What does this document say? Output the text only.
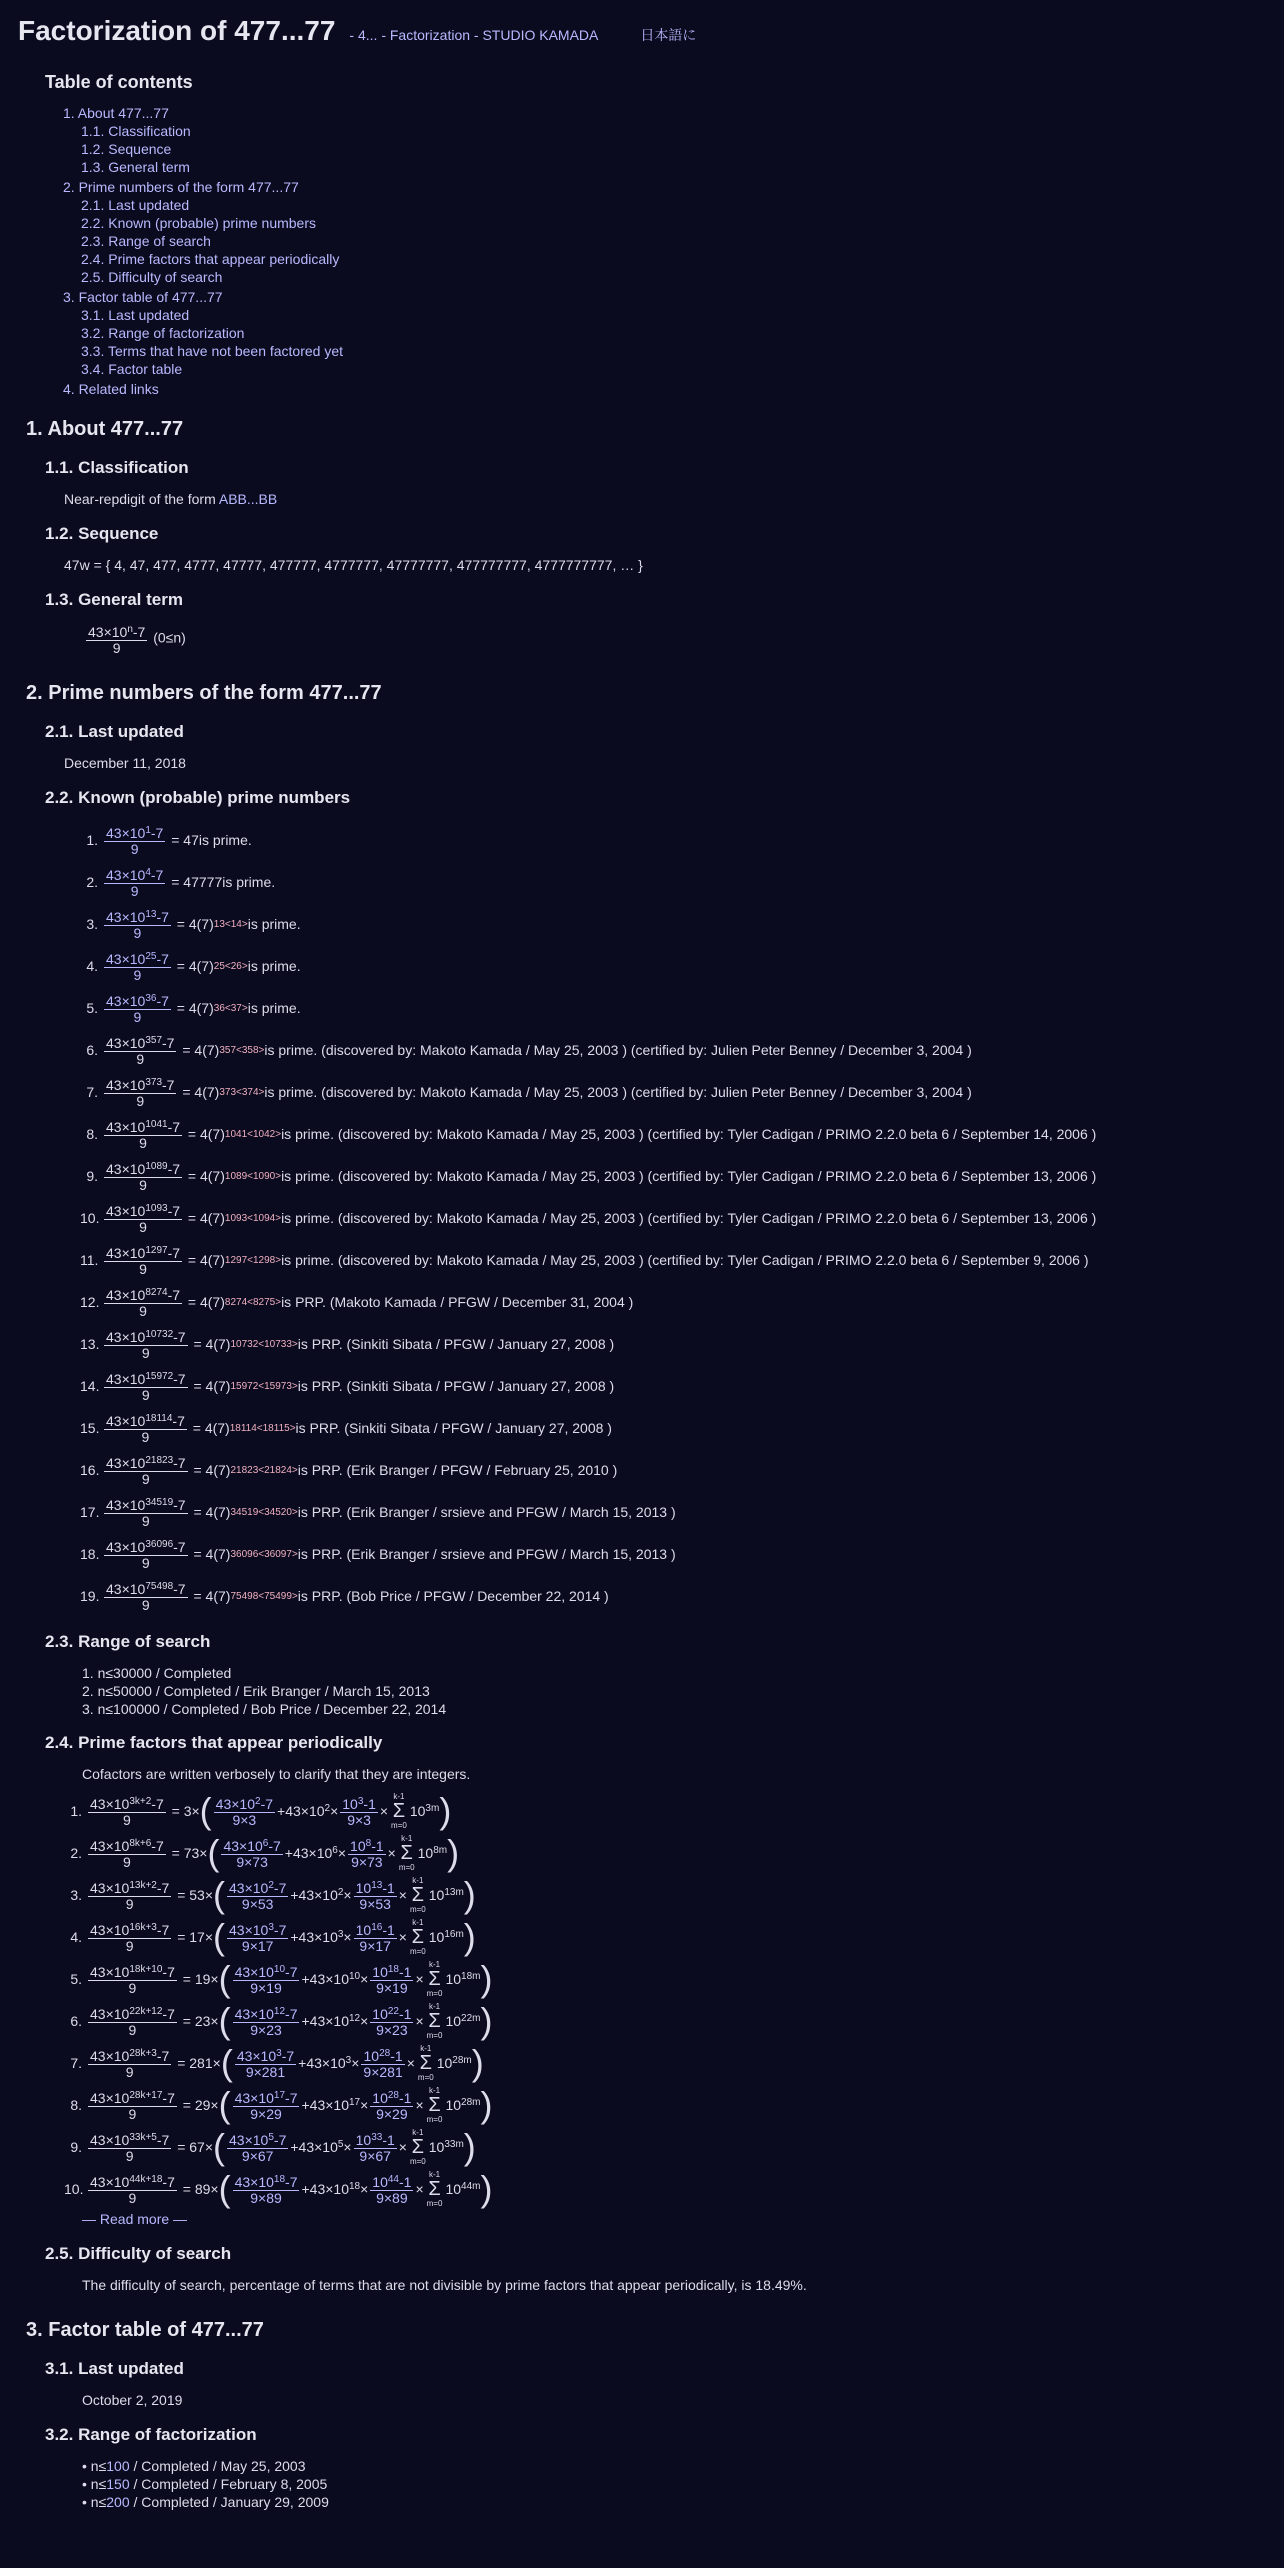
Factorization of 477...77 - 4... - Factorization - STUDIO KAMADA	日本語に
Table of contents
1. About 477...77
1.1. Classification
1.2. Sequence
1.3. General term
2. Prime numbers of the form 477...77
2.1. Last updated
2.2. Known (probable) prime numbers
2.3. Range of search
2.4. Prime factors that appear periodically
2.5. Difficulty of search
3. Factor table of 477...77
3.1. Last updated
3.2. Range of factorization
3.3. Terms that have not been factored yet
3.4. Factor table
4. Related links
1. About 477...77
1.1. Classification
Near-repdigit of the form ABB...BB
1.2. Sequence
47w = { 4, 47, 477, 4777, 47777, 477777, 4777777, 47777777, 477777777, 4777777777, … }
1.3. General term
$\frac{43\times 10^n-7}{9} (0\le n)$
2. Prime numbers of the form 477...77
2.1. Last updated
December 11, 2018
2.2. Known (probable) prime numbers
1. $\frac{43\times 10^1-7}{9} = 47$ is prime.
2. $\frac{43\times 10^4-7}{9} = 47777$ is prime.
3. $\frac{43\times 10^{13}-7}{9} = 4(7)$ 13<14> is prime.
4. $\frac{43\times 10^{25}-7}{9} = 4(7)$ 25<26> is prime.
5. $\frac{43\times 10^{36}-7}{9} = 4(7)$ 36<37> is prime.
6. $\frac{43\times 10^{357}-7}{9} = 4(7)$ 357<358> is prime. (discovered by: Makoto Kamada / May 25, 2003 ) (certified by: Julien Peter Benney / December 3, 2004 )
7. $\frac{43\times 10^{373}-7}{9} = 4(7)$ 373<374> is prime. (discovered by: Makoto Kamada / May 25, 2003 ) (certified by: Julien Peter Benney / December 3, 2004 )
8. $\frac{43\times 10^{1041}-7}{9} = 4(7)$ 1041<1042> is prime. (discovered by: Makoto Kamada / May 25, 2003 ) (certified by: Tyler Cadigan / PRIMO 2.2.0 beta 6 / September 14, 2006 )
9. $\frac{43\times 10^{1089}-7}{9} = 4(7)$ 1089<1090> is prime. (discovered by: Makoto Kamada / May 25, 2003 ) (certified by: Tyler Cadigan / PRIMO 2.2.0 beta 6 / September 13, 2006 )
10. $\frac{43\times 10^{1093}-7}{9} = 4(7)$ 1093<1094> is prime. (discovered by: Makoto Kamada / May 25, 2003 ) (certified by: Tyler Cadigan / PRIMO 2.2.0 beta 6 / September 13, 2006 )
11. $\frac{43\times 10^{1297}-7}{9} = 4(7)$ 1297<1298> is prime. (discovered by: Makoto Kamada / May 25, 2003 ) (certified by: Tyler Cadigan / PRIMO 2.2.0 beta 6 / September 9, 2006 )
12. $\frac{43\times 10^{8274}-7}{9} = 4(7)$ 8274<8275> is PRP. (Makoto Kamada / PFGW / December 31, 2004 )
13. $\frac{43\times 10^{10732}-7}{9} = 4(7)$ 10732<10733> is PRP. (Sinkiti Sibata / PFGW / January 27, 2008 )
14. $\frac{43\times 10^{15972}-7}{9} = 4(7)$ 15972<15973> is PRP. (Sinkiti Sibata / PFGW / January 27, 2008 )
15. $\frac{43\times 10^{18114}-7}{9} = 4(7)$ 18114<18115> is PRP. (Sinkiti Sibata / PFGW / January 27, 2008 )
16. $\frac{43\times 10^{21823}-7}{9} = 4(7)$ 21823<21824> is PRP. (Erik Branger / PFGW / February 25, 2010 )
17. $\frac{43\times 10^{34519}-7}{9} = 4(7)$ 34519<34520> is PRP. (Erik Branger / srsieve and PFGW / March 15, 2013 )
18. $\frac{43\times 10^{36096}-7}{9} = 4(7)$ 36096<36097> is PRP. (Erik Branger / srsieve and PFGW / March 15, 2013 )
19. $\frac{43\times 10^{75498}-7}{9} = 4(7)$ 75498<75499> is PRP. (Bob Price / PFGW / December 22, 2014 )
2.3. Range of search
1. n≤30000 / Completed
2. n≤50000 / Completed / Erik Branger / March 15, 2013
3. n≤100000 / Completed / Bob Price / December 22, 2014
2.4. Prime factors that appear periodically
Cofactors are written verbosely to clarify that they are integers.
1. $\frac{43\times 10^{3k+2}-7}{9} = 3\times$ ( $\frac{43\times 10^2-7}{9\times 3} +43\times 10^2\times \frac{10^3-1}{9\times 3}$ ×
k-1
Σ
m=0
$10^{3m}$ )
2. $\frac{43\times 10^{8k+6}-7}{9} = 73\times$ ( $\frac{43\times 10^6-7}{9\times 73} +43\times 10^6\times \frac{10^8-1}{9\times 73}$ ×
k-1
Σ
m=0
$10^{8m}$ )
3. $\frac{43\times 10^{13k+2}-7}{9} = 53\times$ ( $\frac{43\times 10^2-7}{9\times 53} +43\times 10^2\times \frac{10^{13}-1}{9\times 53}$ ×
k-1
Σ
m=0
$10^{13m}$ )
4. $\frac{43\times 10^{16k+3}-7}{9} = 17\times$ ( $\frac{43\times 10^3-7}{9\times 17} +43\times 10^3\times \frac{10^{16}-1}{9\times 17}$ ×
k-1
Σ
m=0
$10^{16m}$ )
5. $\frac{43\times 10^{18k+10}-7}{9} = 19\times$ ( $\frac{43\times 10^{10}-7}{9\times 19} +43\times 10^{10}\times \frac{10^{18}-1}{9\times 19}$ ×
k-1
Σ
m=0
$10^{18m}$ )
6. $\frac{43\times 10^{22k+12}-7}{9} = 23\times$ ( $\frac{43\times 10^{12}-7}{9\times 23} +43\times 10^{12}\times \frac{10^{22}-1}{9\times 23}$ ×
k-1
Σ
m=0
$10^{22m}$ )
7. $\frac{43\times 10^{28k+3}-7}{9} = 281\times$ ( $\frac{43\times 10^3-7}{9\times 281} +43\times 10^3\times \frac{10^{28}-1}{9\times 281}$ ×
k-1
Σ
m=0
$10^{28m}$ )
8. $\frac{43\times 10^{28k+17}-7}{9} = 29\times$ ( $\frac{43\times 10^{17}-7}{9\times 29} +43\times 10^{17}\times \frac{10^{28}-1}{9\times 29}$ ×
k-1
Σ
m=0
$10^{28m}$ )
9. $\frac{43\times 10^{33k+5}-7}{9} = 67\times$ ( $\frac{43\times 10^5-7}{9\times 67} +43\times 10^5\times \frac{10^{33}-1}{9\times 67}$ ×
k-1
Σ
m=0
$10^{33m}$ )
10. $\frac{43\times 10^{44k+18}-7}{9} = 89\times$ ( $\frac{43\times 10^{18}-7}{9\times 89} +43\times 10^{18}\times \frac{10^{44}-1}{9\times 89}$ ×
k-1
Σ
m=0
$10^{44m}$ )
— Read more —
2.5. Difficulty of search
The difficulty of search, percentage of terms that are not divisible by prime factors that appear periodically, is 18.49%.
3. Factor table of 477...77
3.1. Last updated
October 2, 2019
3.2. Range of factorization
• n≤100 / Completed / May 25, 2003
• n≤150 / Completed / February 8, 2005
• n≤200 / Completed / January 29, 2009
